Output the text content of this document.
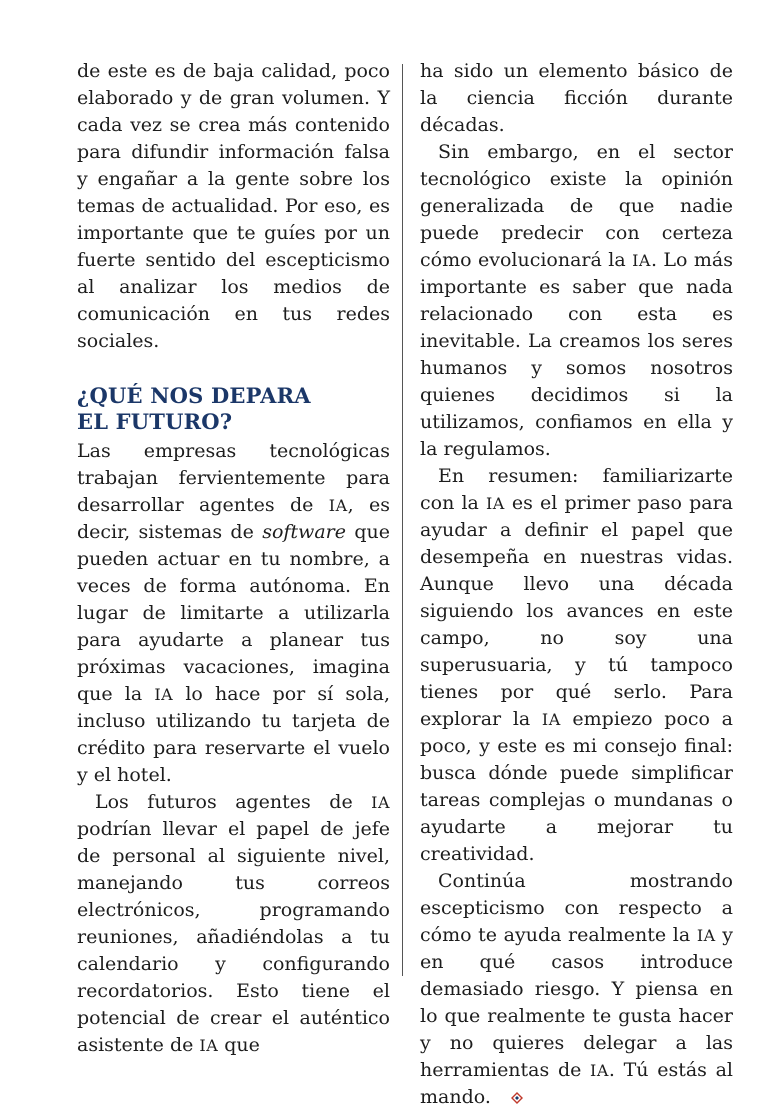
de este es de baja calidad, poco elaborado y de gran volumen. Y cada vez se crea más contenido para difundir información falsa y engañar a la gente sobre los temas de actualidad. Por eso, es importante que te guíes por un fuerte sentido del escepticismo al analizar los medios de comunicación en tus redes sociales.

¿QUÉ NOS DEPARA
EL FUTURO?

Las empresas tecnológicas trabajan fervientemente para desarrollar agentes de IA, es decir, sistemas de software que pueden actuar en tu nombre, a veces de forma autónoma. En lugar de limitarte a utilizarla para ayudarte a planear tus próximas vacaciones, imagina que la IA lo hace por sí sola, incluso utilizando tu tarjeta de crédito para reservarte el vuelo y el hotel.

Los futuros agentes de IA podrían llevar el papel de jefe de personal al siguiente nivel, manejando tus correos electrónicos, programando reuniones, añadiéndolas a tu calendario y configurando recordatorios. Esto tiene el potencial de crear el auténtico asistente de IA que

ha sido un elemento básico de la ciencia ficción durante décadas.

Sin embargo, en el sector tecnológico existe la opinión generalizada de que nadie puede predecir con certeza cómo evolucionará la IA. Lo más importante es saber que nada relacionado con esta es inevitable. La creamos los seres humanos y somos nosotros quienes decidimos si la utilizamos, confiamos en ella y la regulamos.

En resumen: familiarizarte con la IA es el primer paso para ayudar a definir el papel que desempeña en nuestras vidas. Aunque llevo una década siguiendo los avances en este campo, no soy una superusuaria, y tú tampoco tienes por qué serlo. Para explorar la IA empiezo poco a poco, y este es mi consejo final: busca dónde puede simplificar tareas complejas o mundanas o ayudarte a mejorar tu creatividad.

Continúa mostrando escepticismo con respecto a cómo te ayuda realmente la IA y en qué casos introduce demasiado riesgo. Y piensa en lo que realmente te gusta hacer y no quieres delegar a las herramientas de IA. Tú estás al mando.
